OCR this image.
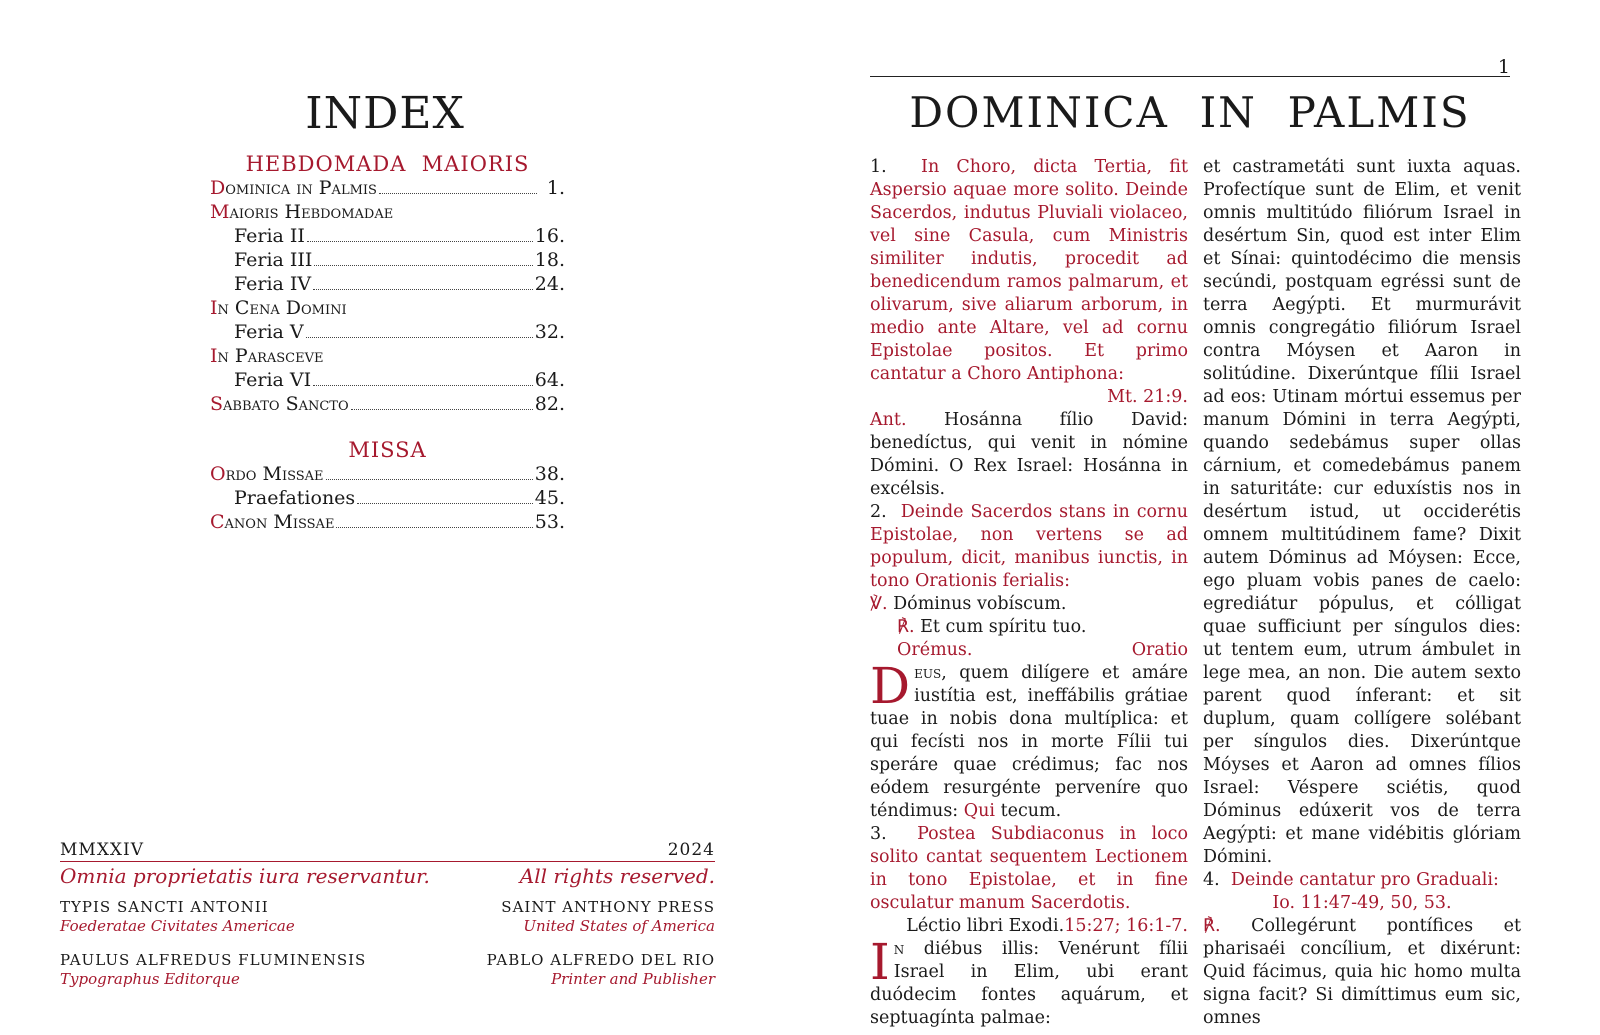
INDEX
HEBDOMADA  MAIORIS
Dominica in Palmis	1.
Maioris Hebdomadae
Feria II	16.
Feria III	18.
Feria IV	24.
In Cena Domini
Feria V	32.
In Parasceve
Feria VI	64.
Sabbato Sancto	82.
MISSA
Ordo Missae	38.
Praefationes	45.
Canon Missae	53.
MMXXIV	2024
Omnia proprietatis iura reservantur.	All rights reserved.
TYPIS SANCTI ANTONII	SAINT ANTHONY PRESS
Foederatae Civitates Americae	United States of America
PAULUS ALFREDUS FLUMINENSIS	PABLO ALFREDO DEL RIO
Typographus Editorque	Printer and Publisher
1
DOMINICA  IN  PALMIS

1. In Choro, dicta Tertia, fit Aspersio aquae more solito. Deinde Sacerdos, indutus Pluviali violaceo, vel sine Casula, cum Ministris similiter indutis, procedit ad benedicendum ramos palmarum, et olivarum, sive aliarum arborum, in medio ante Altare, vel ad cornu Epistolae positos. Et primo cantatur a Choro Antiphona:

Mt. 21:9.

Ant. Hosánna fílio David: benedíctus, qui venit in nómine Dómini. O Rex Israel: Hosánna in excélsis.

2. Deinde Sacerdos stans in cornu Epistolae, non vertens se ad populum, dicit, manibus iunctis, in tono Orationis ferialis:

℣. Dóminus vobíscum.

℟. Et cum spíritu tuo.

Orémus.	Oratio

Deus, quem dilígere et amáre iustítia est, ineffábilis grátiae tuae in nobis dona multíplica: et qui fecísti nos in morte Fílii tui speráre quae crédimus; fac nos eódem resurgénte perveníre quo téndimus: Qui tecum.

3. Postea Subdiaconus in loco solito cantat sequentem Lectionem in tono Epistolae, et in fine osculatur manum Sacerdotis.

Léctio libri Exodi.15:27; 16:1-7.

In diébus illis: Venérunt fílii Israel in Elim, ubi erant duódecim fontes aquárum, et septuagínta palmae:

et castrametáti sunt iuxta aquas. Profectíque sunt de Elim, et venit omnis multitúdo filiórum Israel in desértum Sin, quod est inter Elim et Sínai: quintodécimo die mensis secúndi, postquam egréssi sunt de terra Aegýpti. Et murmurávit omnis congregátio filiórum Israel contra Móysen et Aaron in solitúdine. Dixerúntque fílii Israel ad eos: Utinam mórtui essemus per manum Dómini in terra Aegýpti, quando sedebámus super ollas cárnium, et comedebámus panem in saturitáte: cur eduxístis nos in desértum istud, ut occiderétis omnem multitúdinem fame? Dixit autem Dóminus ad Móysen: Ecce, ego pluam vobis panes de caelo: egrediátur pópulus, et cólligat quae sufficiunt per síngulos dies: ut tentem eum, utrum ámbulet in lege mea, an non. Die autem sexto parent quod ínferant: et sit duplum, quam collígere solébant per síngulos dies. Dixerúntque Móyses et Aaron ad omnes fílios Israel: Véspere sciétis, quod Dóminus edúxerit vos de terra Aegýpti: et mane vidébitis glóriam Dómini.

4. Deinde cantatur pro Graduali:

Io. 11:47-49, 50, 53.

℟. Collegérunt pontífices et pharisaéi concílium, et dixérunt: Quid fácimus, quia hic homo multa signa facit? Si dimíttimus eum sic, omnes
